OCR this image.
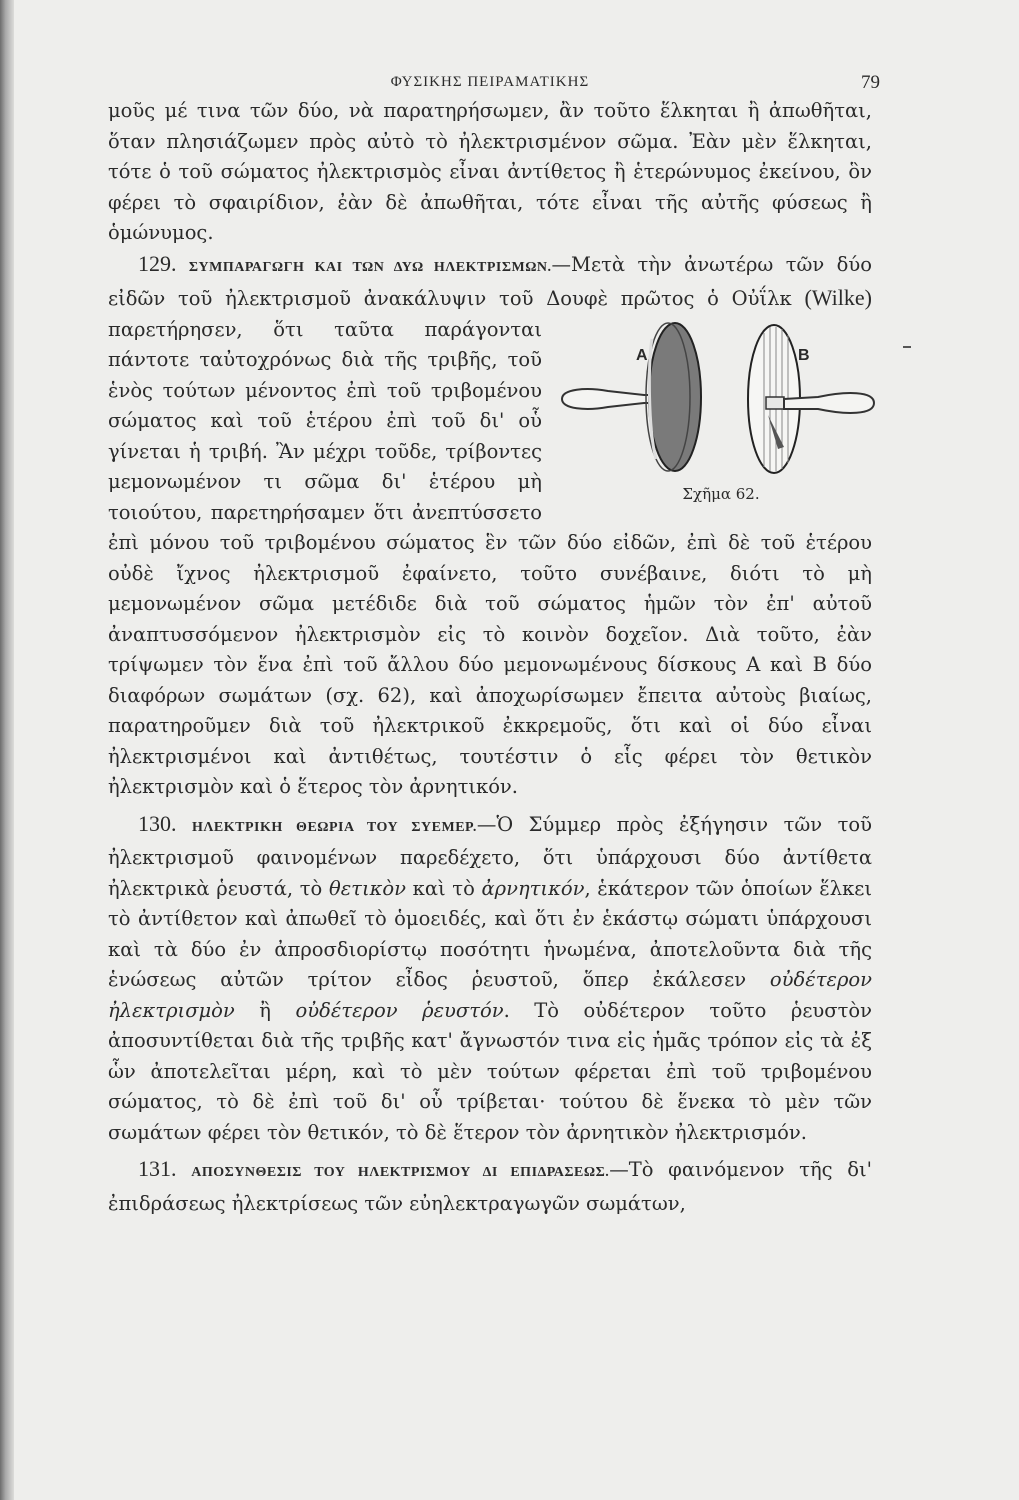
ΦΥΣΙΚΗΣ ΠΕΙΡΑΜΑΤΙΚΗΣ	79

μοῦς μέ τινα τῶν δύο, νὰ παρατηρήσωμεν, ἂν τοῦτο ἕλκηται ἢ ἀπωθῆται, ὅταν πλησιάζωμεν πρὸς αὐτὸ τὸ ἠλεκτρισμένον σῶμα. Ἐὰν μὲν ἕλκηται, τότε ὁ τοῦ σώματος ἠλεκτρισμὸς εἶναι ἀντίθετος ἢ ἑτερώνυμος ἐκείνου, ὃν φέρει τὸ σφαιρίδιον, ἐὰν δὲ ἀπωθῆται, τότε εἶναι τῆς αὐτῆς φύσεως ἢ ὁμώνυμος.

129. ΣΥΜΠΑΡΑΓΩΓΗ ΚΑΙ ΤΩΝ ΔΥΩ ΗΛΕΚΤΡΙΣΜΩΝ.—Μετὰ τὴν ἀνωτέρω τῶν δύο εἰδῶν τοῦ ἠλεκτρισμοῦ ἀνακάλυψιν τοῦ Δουφὲ πρῶτος ὁ Οὐΐλκ (Wilke)
A	B
Σχῆμα 62.
παρετήρησεν, ὅτι ταῦτα παράγονται πάντοτε ταὐτοχρόνως διὰ τῆς τριβῆς, τοῦ ἑνὸς τούτων μένοντος ἐπὶ τοῦ τριβομένου σώματος καὶ τοῦ ἑτέρου ἐπὶ τοῦ δι' οὗ γίνεται ἡ τριβή. Ἂν μέχρι τοῦδε, τρίβοντες μεμονωμένον τι σῶμα δι' ἑτέρου μὴ τοιούτου, παρετηρήσαμεν ὅτι ἀνεπτύσσετο ἐπὶ μόνου τοῦ τριβομένου σώματος ἓν τῶν δύο εἰδῶν, ἐπὶ δὲ τοῦ ἑτέρου οὐδὲ ἴχνος ἠλεκτρισμοῦ ἐφαίνετο, τοῦτο συνέβαινε, διότι τὸ μὴ μεμονωμένον σῶμα μετέδιδε διὰ τοῦ σώματος ἡμῶν τὸν ἐπ' αὐτοῦ ἀναπτυσσόμενον ἠλεκτρισμὸν εἰς τὸ κοινὸν δοχεῖον. Διὰ τοῦτο, ἐὰν τρίψωμεν τὸν ἕνα ἐπὶ τοῦ ἄλλου δύο μεμονωμένους δίσκους Α καὶ Β δύο διαφόρων σωμάτων (σχ. 62), καὶ ἀποχωρίσωμεν ἔπειτα αὐτοὺς βιαίως, παρατηροῦμεν διὰ τοῦ ἠλεκτρικοῦ ἐκκρεμοῦς, ὅτι καὶ οἱ δύο εἶναι ἠλεκτρισμένοι καὶ ἀντιθέτως, τουτέστιν ὁ εἷς φέρει τὸν θετικὸν ἠλεκτρισμὸν καὶ ὁ ἕτερος τὸν ἀρνητικόν.

130. ΗΛΕΚΤΡΙΚΗ ΘΕΩΡΙΑ ΤΟΥ ΣΥΕΜΕΡ.—Ὁ Σύμμερ πρὸς ἐξήγησιν τῶν τοῦ ἠλεκτρισμοῦ φαινομένων παρεδέχετο, ὅτι ὑπάρχουσι δύο ἀντίθετα ἠλεκτρικὰ ῥευστά, τὸ θετικὸν καὶ τὸ ἀρνητικόν, ἑκάτερον τῶν ὁποίων ἕλκει τὸ ἀντίθετον καὶ ἀπωθεῖ τὸ ὁμοειδές, καὶ ὅτι ἐν ἑκάστῳ σώματι ὑπάρχουσι καὶ τὰ δύο ἐν ἀπροσδιορίστῳ ποσότητι ἡνωμένα, ἀποτελοῦντα διὰ τῆς ἑνώσεως αὐτῶν τρίτον εἶδος ῥευστοῦ, ὅπερ ἐκάλεσεν οὐδέτερον ἠλεκτρισμὸν ἢ οὐδέτερον ῥευστόν. Τὸ οὐδέτερον τοῦτο ῥευστὸν ἀποσυντίθεται διὰ τῆς τριβῆς κατ' ἄγνωστόν τινα εἰς ἡμᾶς τρόπον εἰς τὰ ἐξ ὧν ἀποτελεῖται μέρη, καὶ τὸ μὲν τούτων φέρεται ἐπὶ τοῦ τριβομένου σώματος, τὸ δὲ ἐπὶ τοῦ δι' οὗ τρίβεται· τούτου δὲ ἕνεκα τὸ μὲν τῶν σωμάτων φέρει τὸν θετικόν, τὸ δὲ ἕτερον τὸν ἀρνητικὸν ἠλεκτρισμόν.

131. ΑΠΟΣΥΝΘΕΣΙΣ ΤΟΥ ΗΛΕΚΤΡΙΣΜΟΥ ΔΙ ΕΠΙΔΡΑΣΕΩΣ.—Τὸ φαινόμενον τῆς δι' ἐπιδράσεως ἠλεκτρίσεως τῶν εὐηλεκτραγωγῶν σωμάτων,
